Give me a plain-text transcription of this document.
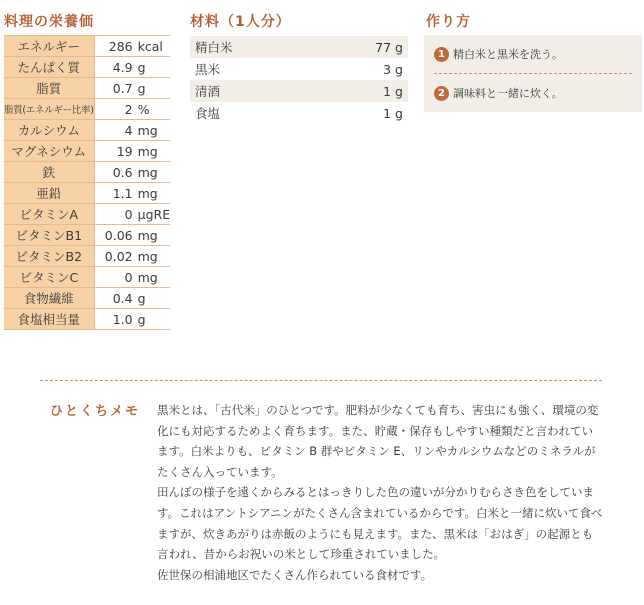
料理の栄養価
エネルギー	286 kcal
たんぱく質	4.9 g
脂質	0.7 g
脂質(エネルギー比率)	2 %
カルシウム	4 mg
マグネシウム	19 mg
鉄	0.6 mg
亜鉛	1.1 mg
ビタミンA	0 μgRE
ビタミンB1	0.06 mg
ビタミンB2	0.02 mg
ビタミンC	0 mg
食物繊維	0.4 g
食塩相当量	1.0 g
材料（1人分）
精白米	77 g
黒米	3 g
清酒	1 g
食塩	1 g
作り方
1 精白米と黒米を洗う。
2 調味料と一緒に炊く。
ひとくちメモ 黒米とは、「古代米」のひとつです。肥料が少なくても育ち、害虫にも強く、環境の変化にも対応するためよく育ちます。また、貯蔵・保存もしやすい種類だと言われています。白米よりも、ビタミン B 群やビタミン E、リンやカルシウムなどのミネラルがたくさん入っています。

田んぼの様子を遠くからみるとはっきりした色の違いが分かりむらさき色をしています。これはアントシアニンがたくさん含まれているからです。白米と一緒に炊いて食べますが、炊きあがりは赤飯のようにも見えます。また、黒米は「おはぎ」の起源とも言われ、昔からお祝いの米として珍重されていました。

佐世保の相浦地区でたくさん作られている食材です。
